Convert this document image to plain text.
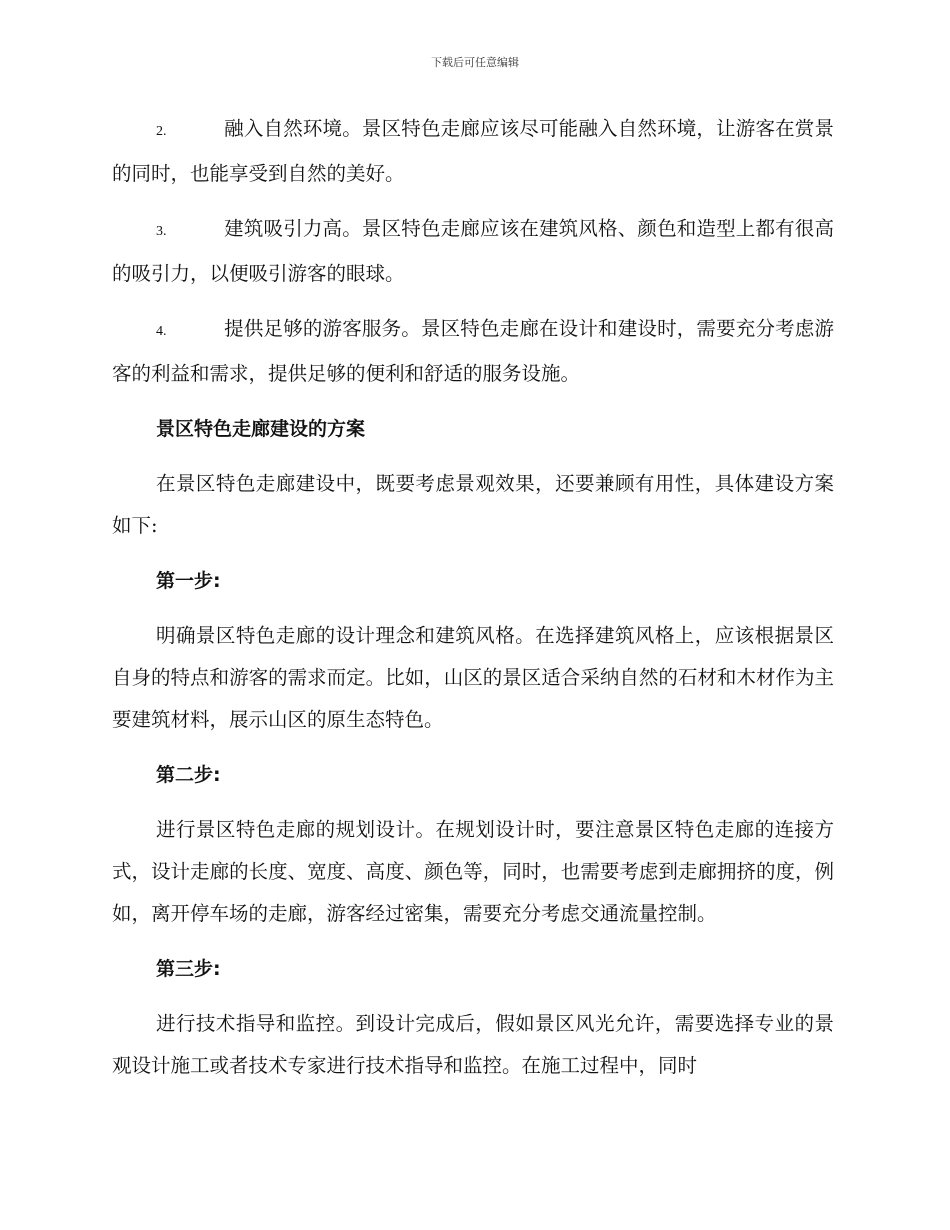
下载后可任意编辑

2.	融入自然环境。景区特色走廊应该尽可能融入自然环境，让游客在赏景的同时，也能享受到自然的美好。

3.	建筑吸引力高。景区特色走廊应该在建筑风格、颜色和造型上都有很高的吸引力，以便吸引游客的眼球。

4.	提供足够的游客服务。景区特色走廊在设计和建设时，需要充分考虑游客的利益和需求，提供足够的便利和舒适的服务设施。

景区特色走廊建设的方案

在景区特色走廊建设中，既要考虑景观效果，还要兼顾有用性，具体建设方案如下:

第一步:

明确景区特色走廊的设计理念和建筑风格。在选择建筑风格上，应该根据景区自身的特点和游客的需求而定。比如，山区的景区适合采纳自然的石材和木材作为主要建筑材料，展示山区的原生态特色。

第二步:

进行景区特色走廊的规划设计。在规划设计时，要注意景区特色走廊的连接方式，设计走廊的长度、宽度、高度、颜色等，同时，也需要考虑到走廊拥挤的度，例如，离开停车场的走廊，游客经过密集，需要充分考虑交通流量控制。

第三步:

进行技术指导和监控。到设计完成后，假如景区风光允许，需要选择专业的景观设计施工或者技术专家进行技术指导和监控。在施工过程中，同时
